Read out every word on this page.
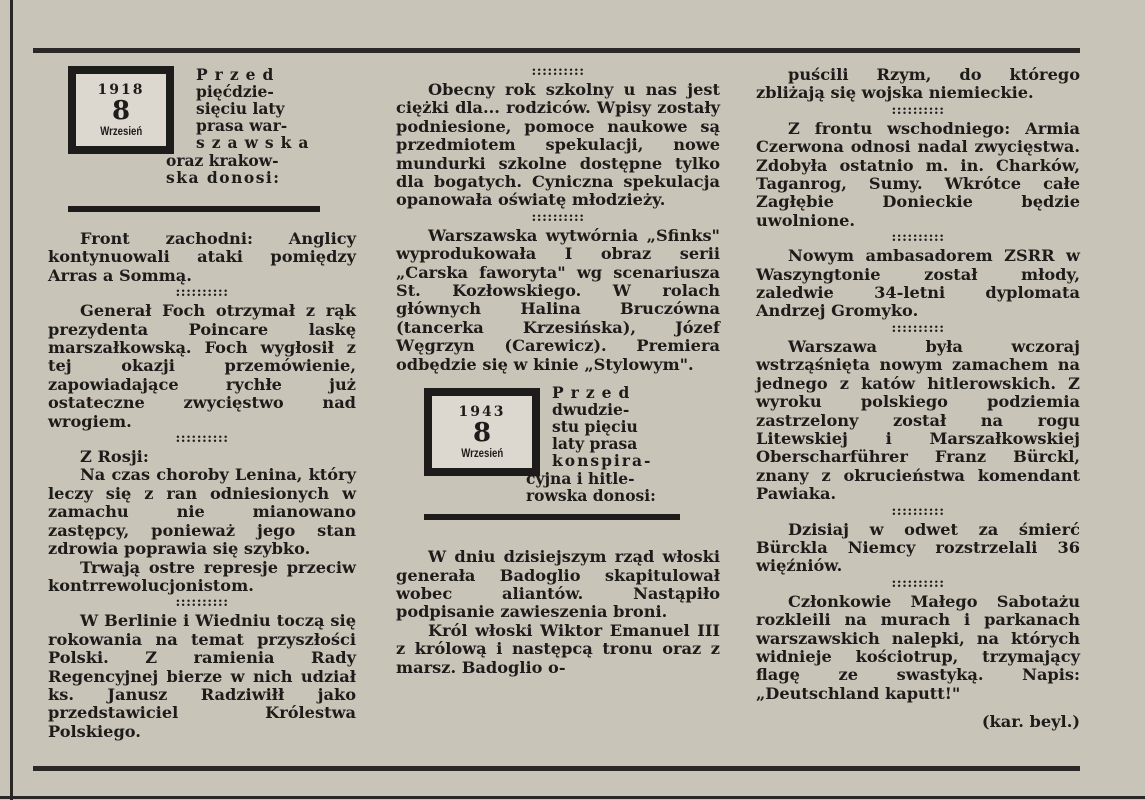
1918
8
Wrzesień
Przed
pięćdzie-
sięciu laty
prasa war-
szawska
oraz krakow-
ska donosi:

Front zachodni: Anglicy kontynuowali ataki pomiędzy Arras a Sommą.

::::::::::

Generał Foch otrzymał z rąk prezydenta Poincare laskę marszałkowską. Foch wygłosił z tej okazji przemówienie, zapowiadające rychłe już ostateczne zwycięstwo nad wrogiem.

::::::::::

Z Rosji:

Na czas choroby Lenina, który leczy się z ran odniesionych w zamachu nie mianowano zastępcy, ponieważ jego stan zdrowia poprawia się szybko.

Trwają ostre represje przeciw kontrrewolucjonistom.

::::::::::

W Berlinie i Wiedniu toczą się rokowania na temat przyszłości Polski. Z ramienia Rady Regencyjnej bierze w nich udział ks. Janusz Radziwiłł jako przedstawiciel Królestwa Polskiego.

::::::::::

Obecny rok szkolny u nas jest ciężki dla... rodziców. Wpisy zostały podniesione, pomoce naukowe są przedmiotem spekulacji, nowe mundurki szkolne dostępne tylko dla bogatych. Cyniczna spekulacja opanowała oświatę młodzieży.

::::::::::

Warszawska wytwórnia „Sfinks" wyprodukowała I obraz serii „Carska faworyta" wg scenariusza St. Kozłowskiego. W rolach głównych Halina Bruczówna (tancerka Krzesińska), Józef Węgrzyn (Carewicz). Premiera odbędzie się w kinie „Stylowym".

1943
8
Wrzesień
Przed
dwudzie-
stu pięciu
laty prasa
konspira-
cyjna i hitle-
rowska donosi:

W dniu dzisiejszym rząd włoski generała Badoglio skapitulował wobec aliantów. Nastąpiło podpisanie zawieszenia broni.

Król włoski Wiktor Emanuel III z królową i następcą tronu oraz z marsz. Badoglio o-

puścili Rzym, do którego zbliżają się wojska niemieckie.

::::::::::

Z frontu wschodniego: Armia Czerwona odnosi nadal zwycięstwa. Zdobyła ostatnio m. in. Charków, Taganrog, Sumy. Wkrótce całe Zagłębie Donieckie będzie uwolnione.

::::::::::

Nowym ambasadorem ZSRR w Waszyngtonie został młody, zaledwie 34-letni dyplomata Andrzej Gromyko.

::::::::::

Warszawa była wczoraj wstrząśnięta nowym zamachem na jednego z katów hitlerowskich. Z wyroku polskiego podziemia zastrzelony został na rogu Litewskiej i Marszałkowskiej Oberscharführer Franz Bürckl, znany z okrucieństwa komendant Pawiaka.

::::::::::

Dzisiaj w odwet za śmierć Bürckla Niemcy rozstrzelali 36 więźniów.

::::::::::

Członkowie Małego Sabotażu rozkleili na murach i parkanach warszawskich nalepki, na których widnieje kościotrup, trzymający flagę ze swastyką. Napis: „Deutschland kaputt!"

(kar. beyl.)
